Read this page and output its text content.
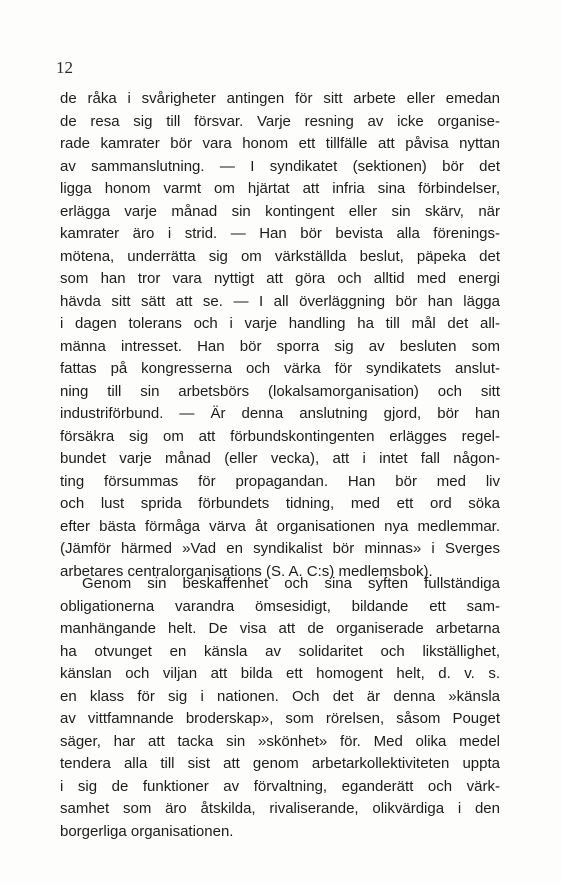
12
de råka i svårigheter antingen för sitt arbete eller emedan
de resa sig till försvar. Varje resning av icke organise-
rade kamrater bör vara honom ett tillfälle att påvisa nyttan
av sammanslutning. — I syndikatet (sektionen) bör det
ligga honom varmt om hjärtat att infria sina förbindelser,
erlägga varje månad sin kontingent eller sin skärv, när
kamrater äro i strid. — Han bör bevista alla förenings-
mötena, underrätta sig om värkställda beslut, päpeka det
som han tror vara nyttigt att göra och alltid med energi
hävda sitt sätt att se. — I all överläggning bör han lägga
i dagen tolerans och i varje handling ha till mål det all-
männa intresset. Han bör sporra sig av besluten som
fattas på kongresserna och värka för syndikatets anslut-
ning till sin arbetsbörs (lokalsamorganisation) och sitt
industriförbund. — Är denna anslutning gjord, bör han
försäkra sig om att förbundskontingenten erlägges regel-
bundet varje månad (eller vecka), att i intet fall någon-
ting försummas för propagandan. Han bör med liv
och lust sprida förbundets tidning, med ett ord söka
efter bästa förmåga värva åt organisationen nya medlemmar.
(Jämför härmed »Vad en syndikalist bör minnas» i Sverges
arbetares centralorganisations (S. A. C:s) medlemsbok).
Genom sin beskaffenhet och sina syften fullständiga
obligationerna varandra ömsesidigt, bildande ett sam-
manhängande helt. De visa att de organiserade arbetarna
ha otvunget en känsla av solidaritet och likställighet,
känslan och viljan att bilda ett homogent helt, d. v. s.
en klass för sig i nationen. Och det är denna »känsla
av vittfamnande broderskap», som rörelsen, såsom Pouget
säger, har att tacka sin »skönhet» för. Med olika medel
tendera alla till sist att genom arbetarkollektiviteten uppta
i sig de funktioner av förvaltning, eganderätt och värk-
samhet som äro åtskilda, rivaliserande, olikvärdiga i den
borgerliga organisationen.
